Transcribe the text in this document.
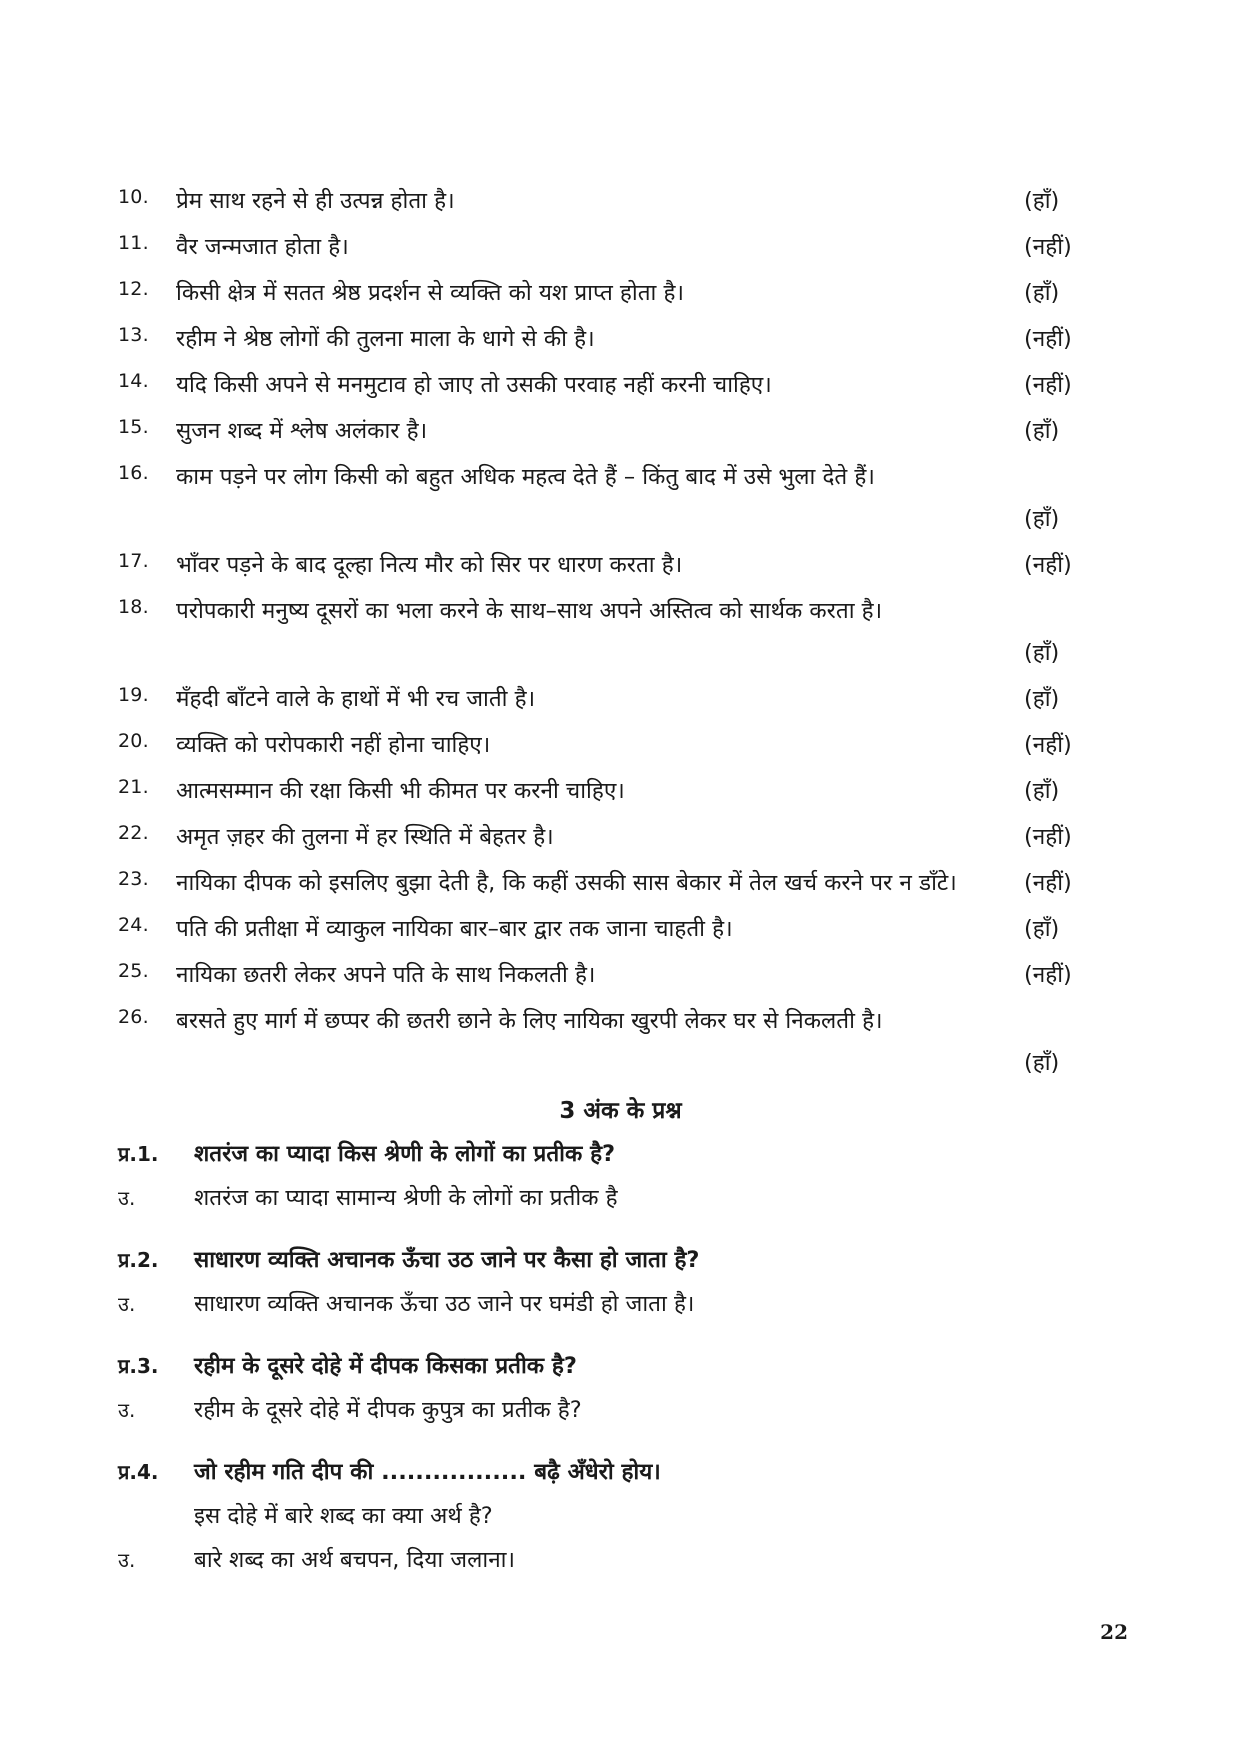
10.	प्रेम साथ रहने से ही उत्पन्न होता है।	(हाँ)
11.	वैर जन्मजात होता है।	(नहीं)
12.	किसी क्षेत्र में सतत श्रेष्ठ प्रदर्शन से व्यक्ति को यश प्राप्त होता है।	(हाँ)
13.	रहीम ने श्रेष्ठ लोगों की तुलना माला के धागे से की है।	(नहीं)
14.	यदि किसी अपने से मनमुटाव हो जाए तो उसकी परवाह नहीं करनी चाहिए।	(नहीं)
15.	सुजन शब्द में श्लेष अलंकार है।	(हाँ)
16.	काम पड़ने पर लोग किसी को बहुत अधिक महत्व देते हैं – किंतु बाद में उसे भुला देते हैं।
(हाँ)
17.	भाँवर पड़ने के बाद दूल्हा नित्य मौर को सिर पर धारण करता है।	(नहीं)
18.	परोपकारी मनुष्य दूसरों का भला करने के साथ–साथ अपने अस्तित्व को सार्थक करता है।
(हाँ)
19.	मँहदी बाँटने वाले के हाथों में भी रच जाती है।	(हाँ)
20.	व्यक्ति को परोपकारी नहीं होना चाहिए।	(नहीं)
21.	आत्मसम्मान की रक्षा किसी भी कीमत पर करनी चाहिए।	(हाँ)
22.	अमृत ज़हर की तुलना में हर स्थिति में बेहतर है।	(नहीं)
23.	नायिका दीपक को इसलिए बुझा देती है, कि कहीं उसकी सास बेकार में तेल खर्च करने पर न डाँटे।	(नहीं)
24.	पति की प्रतीक्षा में व्याकुल नायिका बार–बार द्वार तक जाना चाहती है।	(हाँ)
25.	नायिका छतरी लेकर अपने पति के साथ निकलती है।	(नहीं)
26.	बरसते हुए मार्ग में छप्पर की छतरी छाने के लिए नायिका खुरपी लेकर घर से निकलती है।
(हाँ)
3 अंक के प्रश्न
प्र.1.	शतरंज का प्यादा किस श्रेणी के लोगों का प्रतीक है?
उ.	शतरंज का प्यादा सामान्य श्रेणी के लोगों का प्रतीक है
प्र.2.	साधारण व्यक्ति अचानक ऊँचा उठ जाने पर कैसा हो जाता है?
उ.	साधारण व्यक्ति अचानक ऊँचा उठ जाने पर घमंडी हो जाता है।
प्र.3.	रहीम के दूसरे दोहे में दीपक किसका प्रतीक है?
उ.	रहीम के दूसरे दोहे में दीपक कुपुत्र का प्रतीक है?
प्र.4.	जो रहीम गति दीप की ................. बढ़ै अँधेरो होय।
इस दोहे में बारे शब्द का क्या अर्थ है?
उ.	बारे शब्द का अर्थ बचपन, दिया जलाना।
22
